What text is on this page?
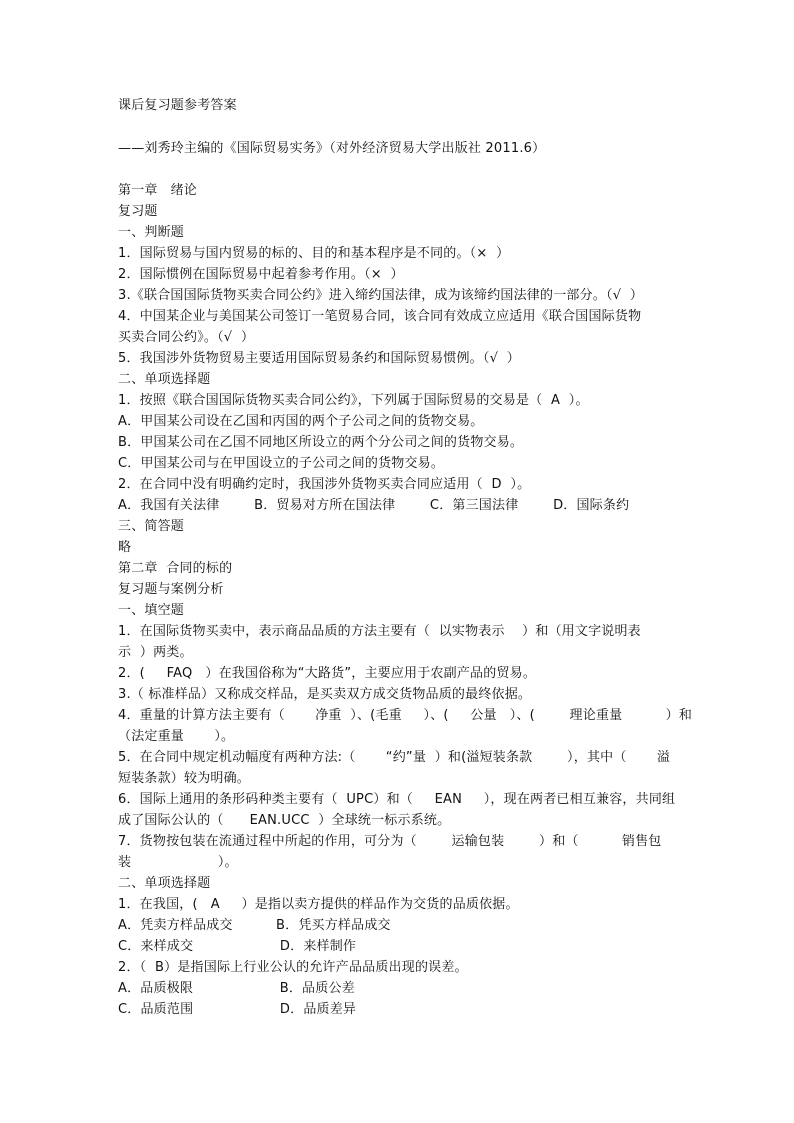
课后复习题参考答案
——刘秀玲主编的《国际贸易实务》（对外经济贸易大学出版社 2011.6）
第一章   绪论
复习题
一、判断题
1．国际贸易与国内贸易的标的、目的和基本程序是不同的。（×  ）
2．国际惯例在国际贸易中起着参考作用。（×  ）
3.《联合国国际货物买卖合同公约》进入缔约国法律，成为该缔约国法律的一部分。（√  ）
4．中国某企业与美国某公司签订一笔贸易合同，该合同有效成立应适用《联合国国际货物
买卖合同公约》。（√  ）
5．我国涉外货物贸易主要适用国际贸易条约和国际贸易惯例。（√  ）
二、单项选择题
1．按照《联合国国际货物买卖合同公约》，下列属于国际贸易的交易是（  A  ）。
A．甲国某公司设在乙国和丙国的两个子公司之间的货物交易。
B．甲国某公司在乙国不同地区所设立的两个分公司之间的货物交易。
C．甲国某公司与在甲国设立的子公司之间的货物交易。
2．在合同中没有明确约定时，我国涉外货物买卖合同应适用（  D  ）。
A．我国有关法律        B．贸易对方所在国法律        C．第三国法律        D．国际条约
三、简答题
略
第二章  合同的标的
复习题与案例分析
一、填空题
1．在国际货物买卖中，表示商品品质的方法主要有（  以实物表示    ）和（用文字说明表
示  ）两类。
2．(     FAQ   ）在我国俗称为“大路货”，主要应用于农副产品的贸易。
3.（ 标准样品）又称成交样品，是买卖双方成交货物品质的最终依据。
4．重量的计算方法主要有（       净重  ）、(毛重     ）、(     公量   ）、(        理论重量          ）和
（法定重量       ）。
5．在合同中规定机动幅度有两种方法:（       “约”量  ）和(溢短装条款        ），其中（       溢
短装条款）较为明确。
6．国际上通用的条形码种类主要有（  UPC）和（     EAN     ），现在两者已相互兼容，共同组
成了国际公认的（      EAN.UCC  ）全球统一标示系统。
7．货物按包装在流通过程中所起的作用，可分为（        运输包装        ）和（          销售包
装                    ）。
二、单项选择题
1．在我国，(   A     ）是指以卖方提供的样品作为交货的品质依据。
A．凭卖方样品成交          B．凭买方样品成交
C．来样成交                    D．来样制作
2．（  B）是指国际上行业公认的允许产品品质出现的误差。
A．品质极限                    B．品质公差
C．品质范围                    D．品质差异
